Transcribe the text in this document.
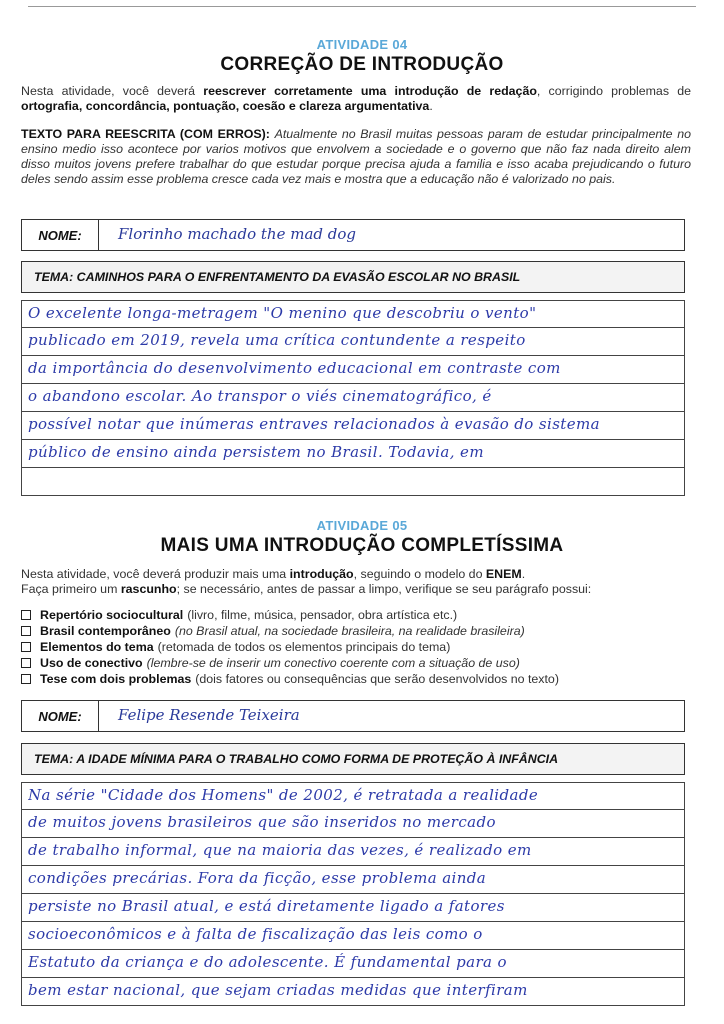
ATIVIDADE 04
CORREÇÃO DE INTRODUÇÃO
Nesta atividade, você deverá reescrever corretamente uma introdução de redação, corrigindo problemas de ortografia, concordância, pontuação, coesão e clareza argumentativa.
TEXTO PARA REESCRITA (COM ERROS): Atualmente no Brasil muitas pessoas param de estudar principalmente no ensino medio isso acontece por varios motivos que envolvem a sociedade e o governo que não faz nada direito alem disso muitos jovens prefere trabalhar do que estudar porque precisa ajuda a familia e isso acaba prejudicando o futuro deles sendo assim esse problema cresce cada vez mais e mostra que a educação não é valorizado no pais.
NOME:	Florinho machado the mad dog
TEMA: CAMINHOS PARA O ENFRENTAMENTO DA EVASÃO ESCOLAR NO BRASIL
O excelente longa-metragem "O menino que descobriu o vento"
publicado em 2019, revela uma crítica contundente a respeito
da importância do desenvolvimento educacional em contraste com
o abandono escolar. Ao transpor o viés cinematográfico, é
possível notar que inúmeras entraves relacionados à evasão do sistema
público de ensino ainda persistem no Brasil. Todavia, em
ATIVIDADE 05
MAIS UMA INTRODUÇÃO COMPLETÍSSIMA
Nesta atividade, você deverá produzir mais uma introdução, seguindo o modelo do ENEM.
Faça primeiro um rascunho; se necessário, antes de passar a limpo, verifique se seu parágrafo possui:
Repertório sociocultural (livro, filme, música, pensador, obra artística etc.)
Brasil contemporâneo (no Brasil atual, na sociedade brasileira, na realidade brasileira)
Elementos do tema (retomada de todos os elementos principais do tema)
Uso de conectivo (lembre-se de inserir um conectivo coerente com a situação de uso)
Tese com dois problemas (dois fatores ou consequências que serão desenvolvidos no texto)
NOME:	Felipe Resende Teixeira
TEMA: A IDADE MÍNIMA PARA O TRABALHO COMO FORMA DE PROTEÇÃO À INFÂNCIA
Na série "Cidade dos Homens" de 2002, é retratada a realidade
de muitos jovens brasileiros que são inseridos no mercado
de trabalho informal, que na maioria das vezes, é realizado em
condições precárias. Fora da ficção, esse problema ainda
persiste no Brasil atual, e está diretamente ligado a fatores
socioeconômicos e à falta de fiscalização das leis como o
Estatuto da criança e do adolescente. É fundamental para o
bem estar nacional, que sejam criadas medidas que interfiram
